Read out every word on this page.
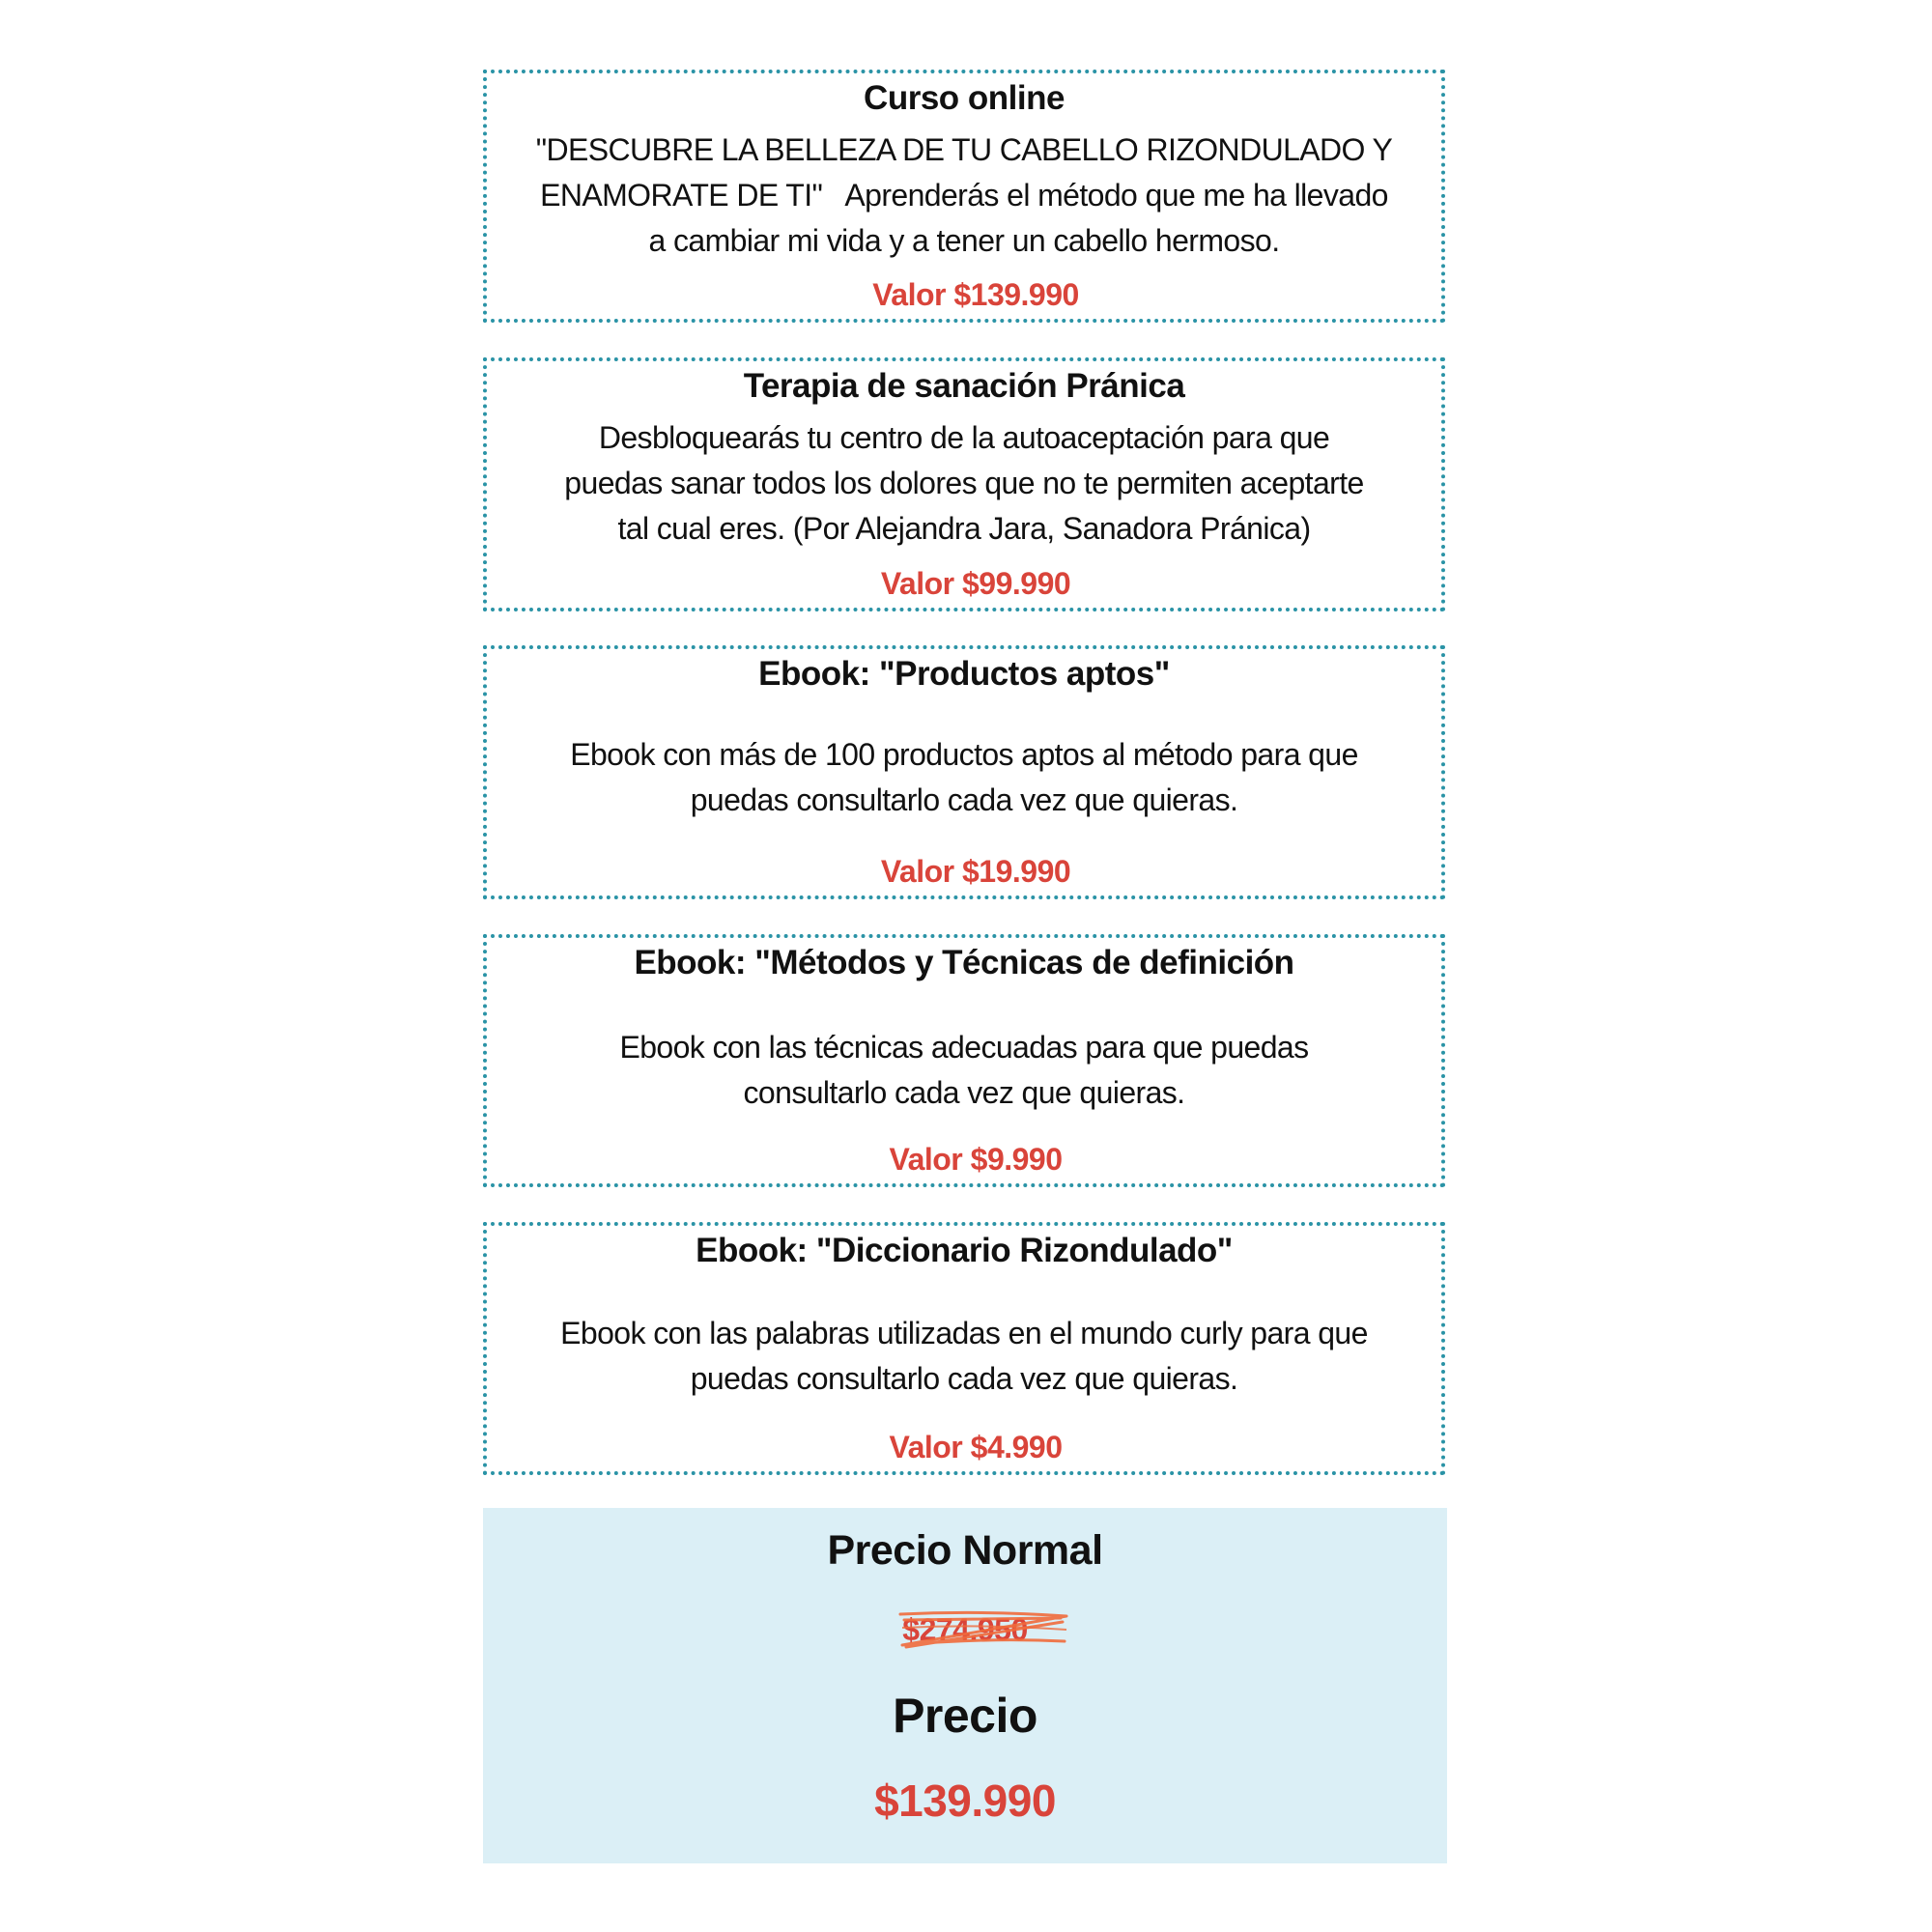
Curso online
"DESCUBRE LA BELLEZA DE TU CABELLO RIZONDULADO Y
ENAMORATE DE TI"   Aprenderás el método que me ha llevado
a cambiar mi vida y a tener un cabello hermoso.
Valor $139.990
Terapia de sanación Pránica
Desbloquearás tu centro de la autoaceptación para que
puedas sanar todos los dolores que no te permiten aceptarte
tal cual eres. (Por Alejandra Jara, Sanadora Pránica)
Valor $99.990
Ebook: "Productos aptos"
Ebook con más de 100 productos aptos al método para que
puedas consultarlo cada vez que quieras.
Valor $19.990
Ebook: "Métodos y Técnicas de definición
Ebook con las técnicas adecuadas para que puedas
consultarlo cada vez que quieras.
Valor $9.990
Ebook: "Diccionario Rizondulado"
Ebook con las palabras utilizadas en el mundo curly para que
puedas consultarlo cada vez que quieras.
Valor $4.990
Precio Normal
$274.950
Precio
$139.990
